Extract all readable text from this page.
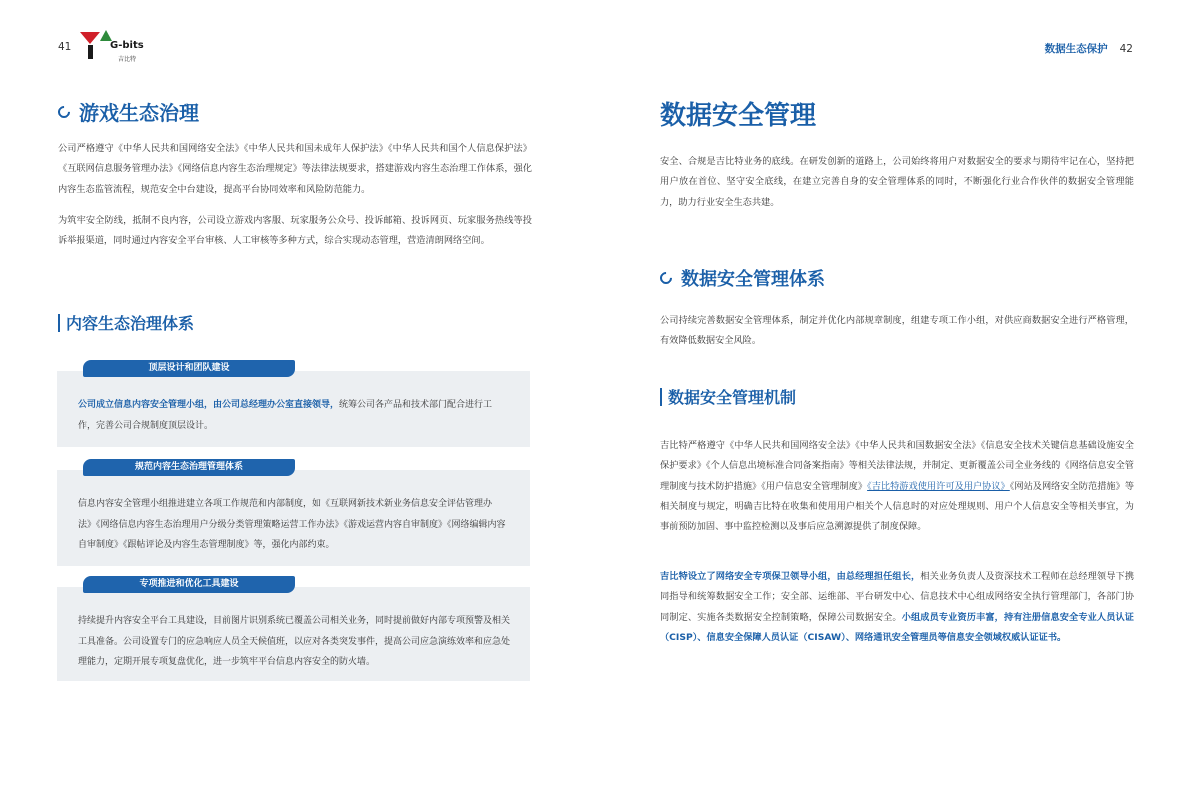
41	G-bits
吉比特
游戏生态治理

公司严格遵守《中华人民共和国网络安全法》《中华人民共和国未成年人保护法》《中华人民共和国个人信息保护法》《互联网信息服务管理办法》《网络信息内容生态治理规定》等法律法规要求，搭建游戏内容生态治理工作体系，强化内容生态监管流程，规范安全中台建设，提高平台协同效率和风险防范能力。

为筑牢安全防线，抵制不良内容，公司设立游戏内客服、玩家服务公众号、投诉邮箱、投诉网页、玩家服务热线等投诉举报渠道，同时通过内容安全平台审核、人工审核等多种方式，综合实现动态管理，营造清朗网络空间。

内容生态治理体系
顶层设计和团队建设

公司成立信息内容安全管理小组，由公司总经理办公室直接领导，统筹公司各产品和技术部门配合进行工作，完善公司合规制度顶层设计。

规范内容生态治理管理体系

信息内容安全管理小组推进建立各项工作规范和内部制度，如《互联网新技术新业务信息安全评估管理办法》《网络信息内容生态治理用户分级分类管理策略运营工作办法》《游戏运营内容自审制度》《网络编辑内容自审制度》《跟帖评论及内容生态管理制度》等，强化内部约束。

专项推进和优化工具建设

持续提升内容安全平台工具建设，目前图片识别系统已覆盖公司相关业务，同时提前做好内部专项预警及相关工具准备。公司设置专门的应急响应人员全天候值班，以应对各类突发事件，提高公司应急演练效率和应急处理能力，定期开展专项复盘优化，进一步筑牢平台信息内容安全的防火墙。

数据生态保护 42
数据安全管理

安全、合规是吉比特业务的底线。在研发创新的道路上，公司始终将用户对数据安全的要求与期待牢记在心，坚持把用户放在首位、坚守安全底线，在建立完善自身的安全管理体系的同时，不断强化行业合作伙伴的数据安全管理能力，助力行业安全生态共建。

数据安全管理体系

公司持续完善数据安全管理体系，制定并优化内部规章制度，组建专项工作小组，对供应商数据安全进行严格管理，有效降低数据安全风险。

数据安全管理机制

吉比特严格遵守《中华人民共和国网络安全法》《中华人民共和国数据安全法》《信息安全技术关键信息基础设施安全保护要求》《个人信息出境标准合同备案指南》等相关法律法规，并制定、更新覆盖公司全业务线的《网络信息安全管理制度与技术防护措施》《用户信息安全管理制度》《吉比特游戏使用许可及用户协议》《网站及网络安全防范措施》等相关制度与规定，明确吉比特在收集和使用用户相关个人信息时的对应处理规则、用户个人信息安全等相关事宜，为事前预防加固、事中监控检测以及事后应急溯源提供了制度保障。

吉比特设立了网络安全专项保卫领导小组，由总经理担任组长，相关业务负责人及资深技术工程师在总经理领导下携同指导和统筹数据安全工作；安全部、运维部、平台研发中心、信息技术中心组成网络安全执行管理部门，各部门协同制定、实施各类数据安全控制策略，保障公司数据安全。小组成员专业资历丰富，持有注册信息安全专业人员认证（CISP）、信息安全保障人员认证（CISAW）、网络通讯安全管理员等信息安全领域权威认证证书。
